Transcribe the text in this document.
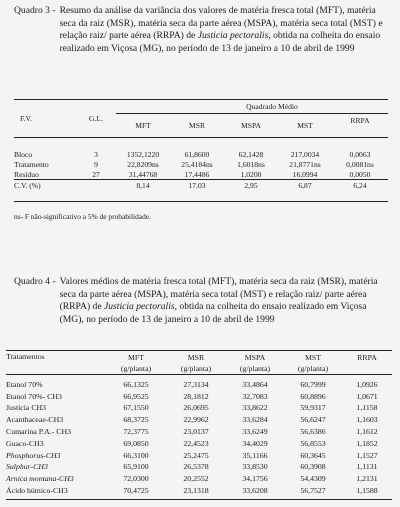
Quadro 3 - Resumo da análise da variância dos valores de matéria fresca total (MFT), matéria seca da raiz (MSR), matéria seca da parte aérea (MSPA), matéria seca total (MST) e relação raiz/ parte aérea (RRPA) de Justicia pectoralis, obtida na colheita do ensaio realizado em Viçosa (MG), no período de 13 de janeiro a 10 de abril de 1999
F.V.	G.L.	Quadrado Médio				
		MFT	MSR	MSPA	MST	RRPA

Bloco	3	1352,1220	61,8600	62,1428	217,0034	0,0063
Tratamento	9	22,8209ns	25,4184ns	1,6018ns	21,8771ns	0,0081ns
Resíduo	27	31,44768	17,4486	1,0200	16,0994	0,0050
C.V. (%)		8,14	17,03	2,95	6,87	6,24
ns- F não-significativo a 5% de probabilidade.
Quadro 4 - Valores médios de matéria fresca total (MFT), matéria seca da raiz (MSR), matéria seca da parte aérea (MSPA), matéria seca total (MST) e relação raiz/ parte aérea (RRPA) de Justicia pectoralis, obtida na colheita do ensaio realizado em Viçosa (MG), no período de 13 de janeiro a 10 de abril de 1999
Tratamentos	MFT	MSR	MSPA	MST	RRPA
	(g/planta)	(g/planta)	(g/planta)	(g/planta)	

Etanol 70%	66,1325	27,3134	33,4864	60,7999	1,0926
Etanol 70%- CH3	66,9525	28,1812	32,7083	60,8896	1,0671
Justicia CH3	67,1550	26,0695	33,8622	59,9317	1,1158
Acanthaceae-CH3	68,3725	22,9962	33,6284	56,6247	1,1603
Cumarina P.A.- CH3	72,3775	23,0137	33,6249	56,6386	1,1612
Guaco-CH3	69,0850	22,4523	34,4029	56,8553	1,1852
Phosphorus-CH3	66,3100	25,2475	35,1166	60,3645	1,1527
Sulphur-CH3	65,9100	26,5378	33,8530	60,3908	1,1131
Arnica montana-CH3	72,0300	20,2552	34,1756	54,4309	1,2131
Ácido húmico-CH3	70,4725	23,1318	33,6208	56,7527	1,1588
